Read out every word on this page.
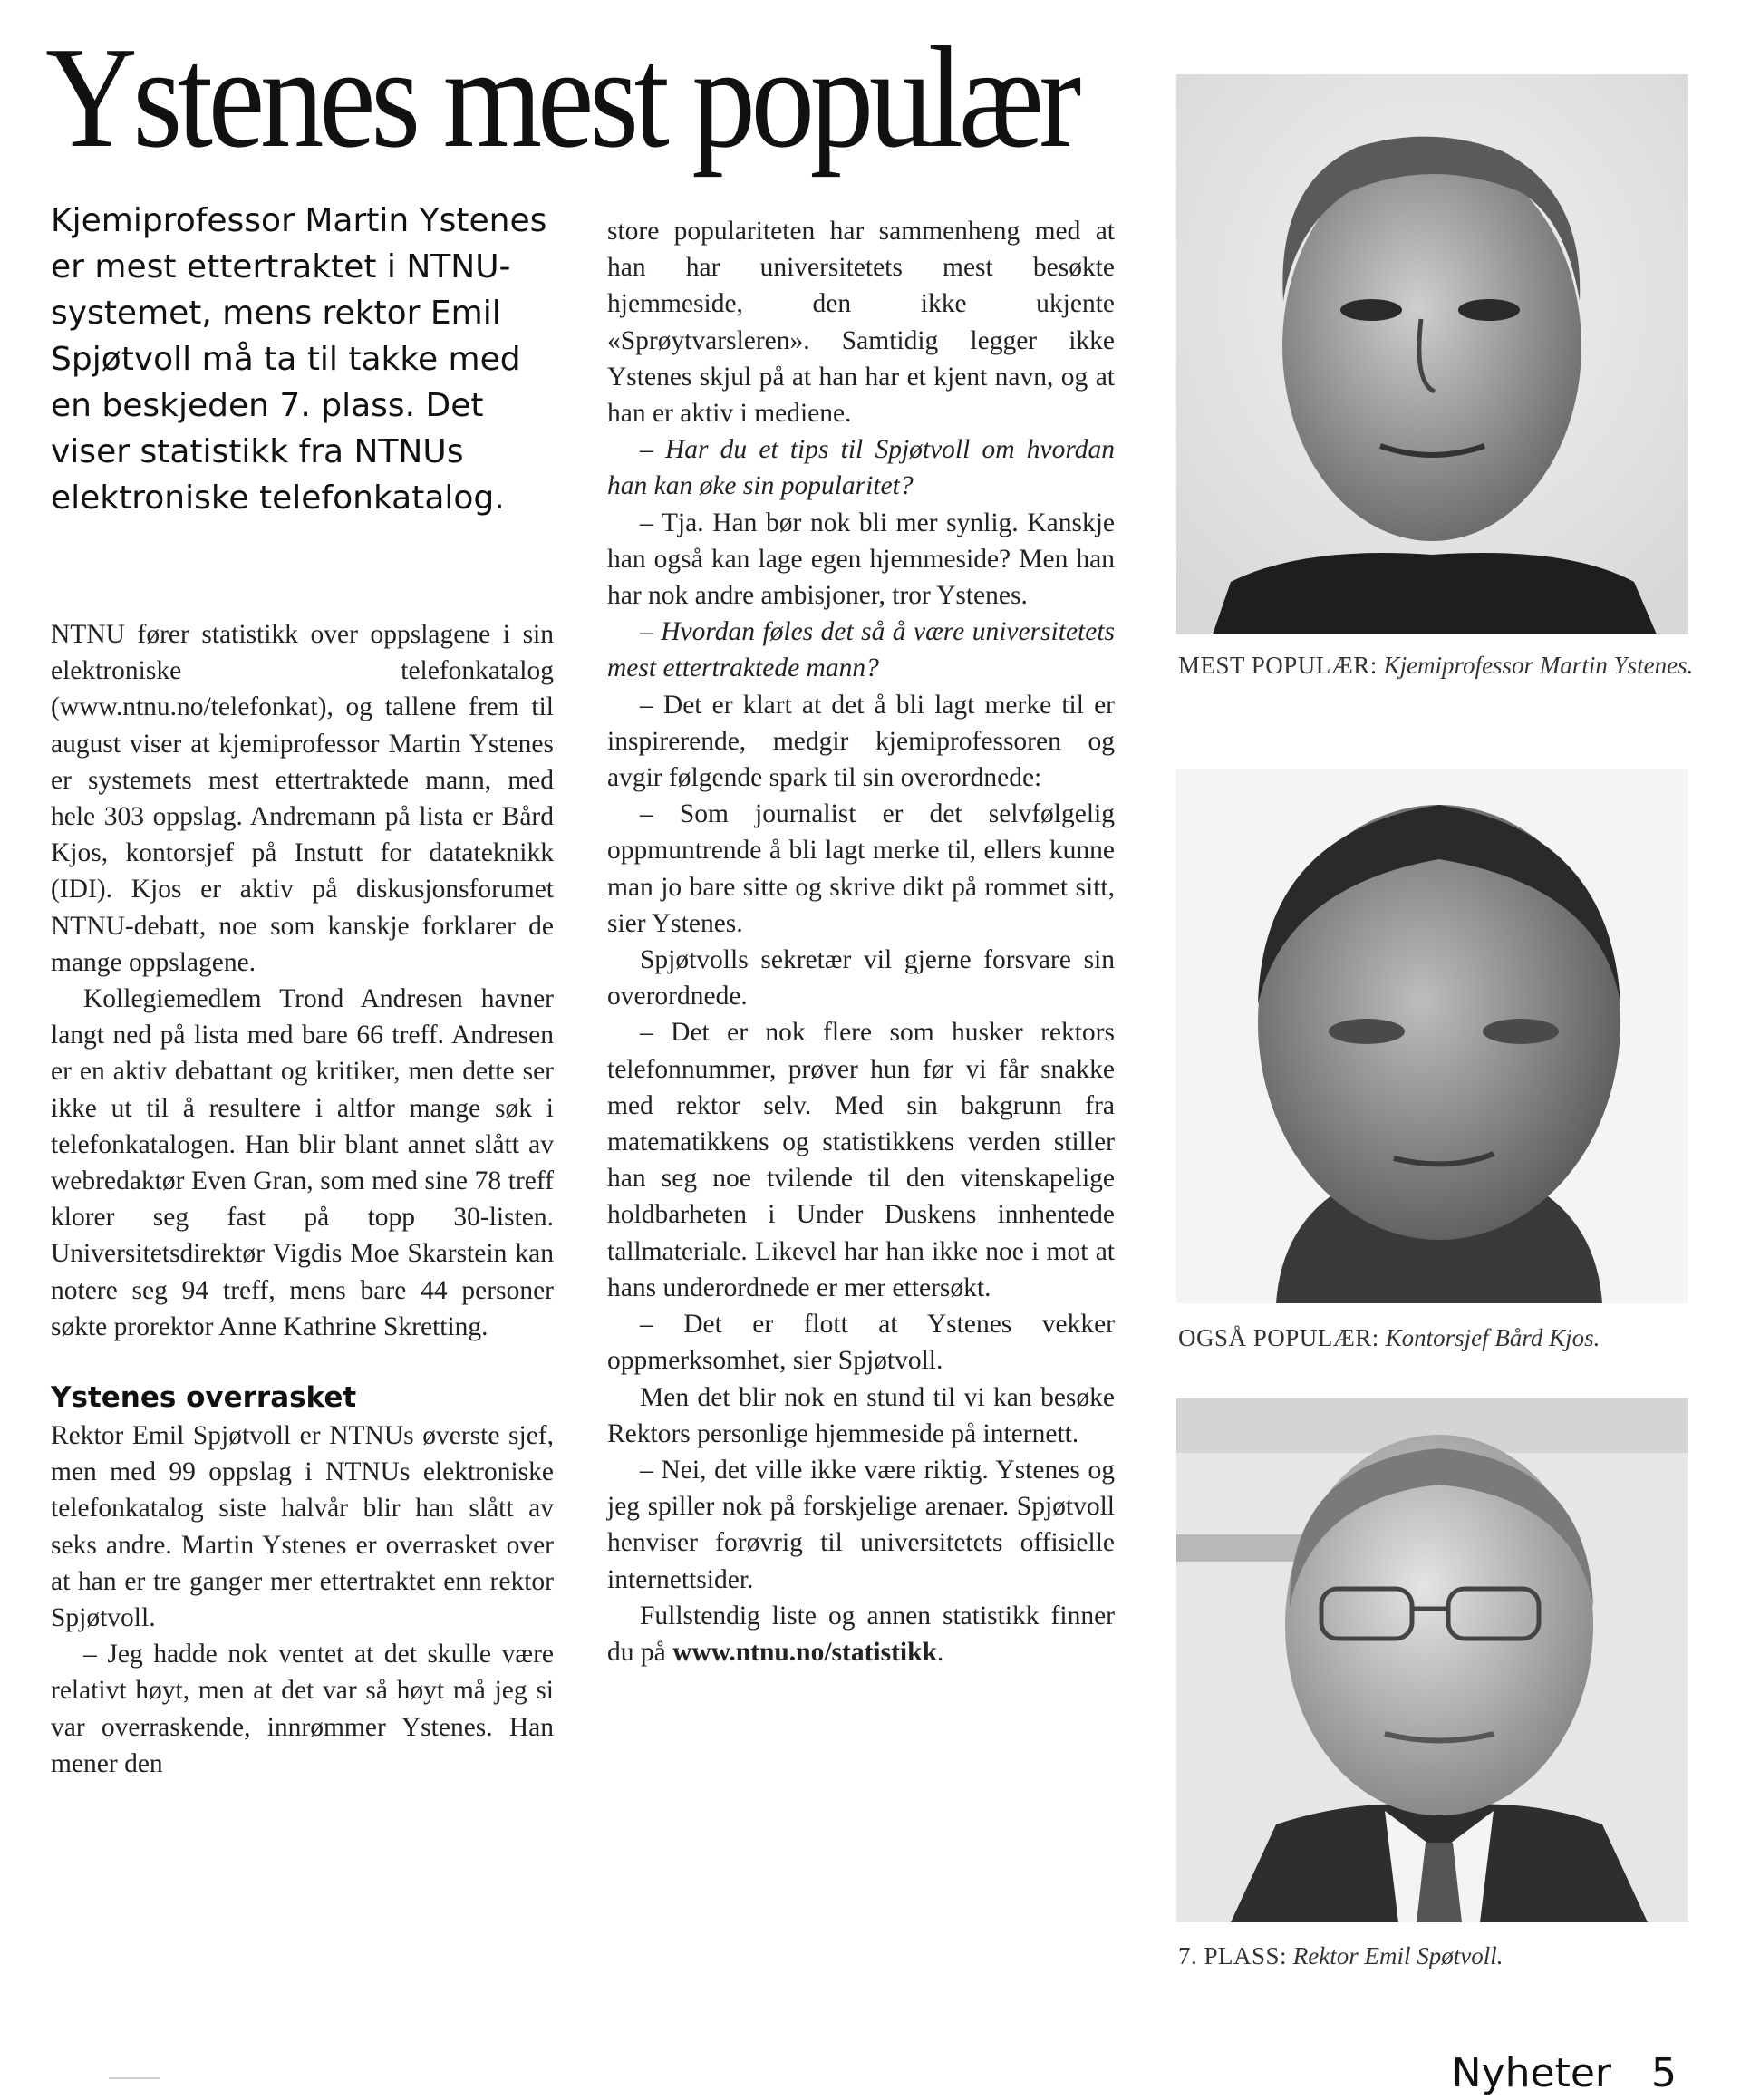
Ystenes mest populær

Kjemiprofessor Martin Ystenes er mest ettertraktet i NTNU-systemet, mens rektor Emil Spjøtvoll må ta til takke med en beskjeden 7. plass. Det viser statistikk fra NTNUs elektroniske telefonkatalog.

NTNU fører statistikk over oppslagene i sin elektroniske telefonkatalog (www.ntnu.no/telefonkat), og tallene frem til august viser at kjemiprofessor Martin Ystenes er systemets mest ettertraktede mann, med hele 303 oppslag. Andremann på lista er Bård Kjos, kontorsjef på Instutt for datateknikk (IDI). Kjos er aktiv på diskusjonsforumet NTNU-debatt, noe som kanskje forklarer de mange oppslagene.

Kollegiemedlem Trond Andresen havner langt ned på lista med bare 66 treff. Andresen er en aktiv debattant og kritiker, men dette ser ikke ut til å resultere i altfor mange søk i telefonkatalogen. Han blir blant annet slått av webredaktør Even Gran, som med sine 78 treff klorer seg fast på topp 30-listen. Universitetsdirektør Vigdis Moe Skarstein kan notere seg 94 treff, mens bare 44 personer søkte prorektor Anne Kathrine Skretting.

Ystenes overrasket

Rektor Emil Spjøtvoll er NTNUs øverste sjef, men med 99 oppslag i NTNUs elektroniske telefonkatalog siste halvår blir han slått av seks andre. Martin Ystenes er overrasket over at han er tre ganger mer ettertraktet enn rektor Spjøtvoll.

– Jeg hadde nok ventet at det skulle være relativt høyt, men at det var så høyt må jeg si var overraskende, innrømmer Ystenes. Han mener den

store populariteten har sammenheng med at han har universitetets mest besøkte hjemmeside, den ikke ukjente «Sprøytvarsleren». Samtidig legger ikke Ystenes skjul på at han har et kjent navn, og at han er aktiv i mediene.

– Har du et tips til Spjøtvoll om hvordan han kan øke sin popularitet?

– Tja. Han bør nok bli mer synlig. Kanskje han også kan lage egen hjemmeside? Men han har nok andre ambisjoner, tror Ystenes.

– Hvordan føles det så å være universitetets mest ettertraktede mann?

– Det er klart at det å bli lagt merke til er inspirerende, medgir kjemiprofessoren og avgir følgende spark til sin overordnede:

– Som journalist er det selvfølgelig oppmuntrende å bli lagt merke til, ellers kunne man jo bare sitte og skrive dikt på rommet sitt, sier Ystenes.

Spjøtvolls sekretær vil gjerne forsvare sin overordnede.

– Det er nok flere som husker rektors telefonnummer, prøver hun før vi får snakke med rektor selv. Med sin bakgrunn fra matematikkens og statistikkens verden stiller han seg noe tvilende til den vitenskapelige holdbarheten i Under Duskens innhentede tallmateriale. Likevel har han ikke noe i mot at hans underordnede er mer ettersøkt.

– Det er flott at Ystenes vekker oppmerksomhet, sier Spjøtvoll.

Men det blir nok en stund til vi kan besøke Rektors personlige hjemmeside på internett.

– Nei, det ville ikke være riktig. Ystenes og jeg spiller nok på forskjelige arenaer. Spjøtvoll henviser forøvrig til universitetets offisielle internettsider.

Fullstendig liste og annen statistikk finner du på www.ntnu.no/statistikk.

MEST POPULÆR: Kjemiprofessor Martin Ystenes.
OGSÅ POPULÆR: Kontorsjef Bård Kjos.
7. PLASS: Rektor Emil Spøtvoll.
Nyheter 5
